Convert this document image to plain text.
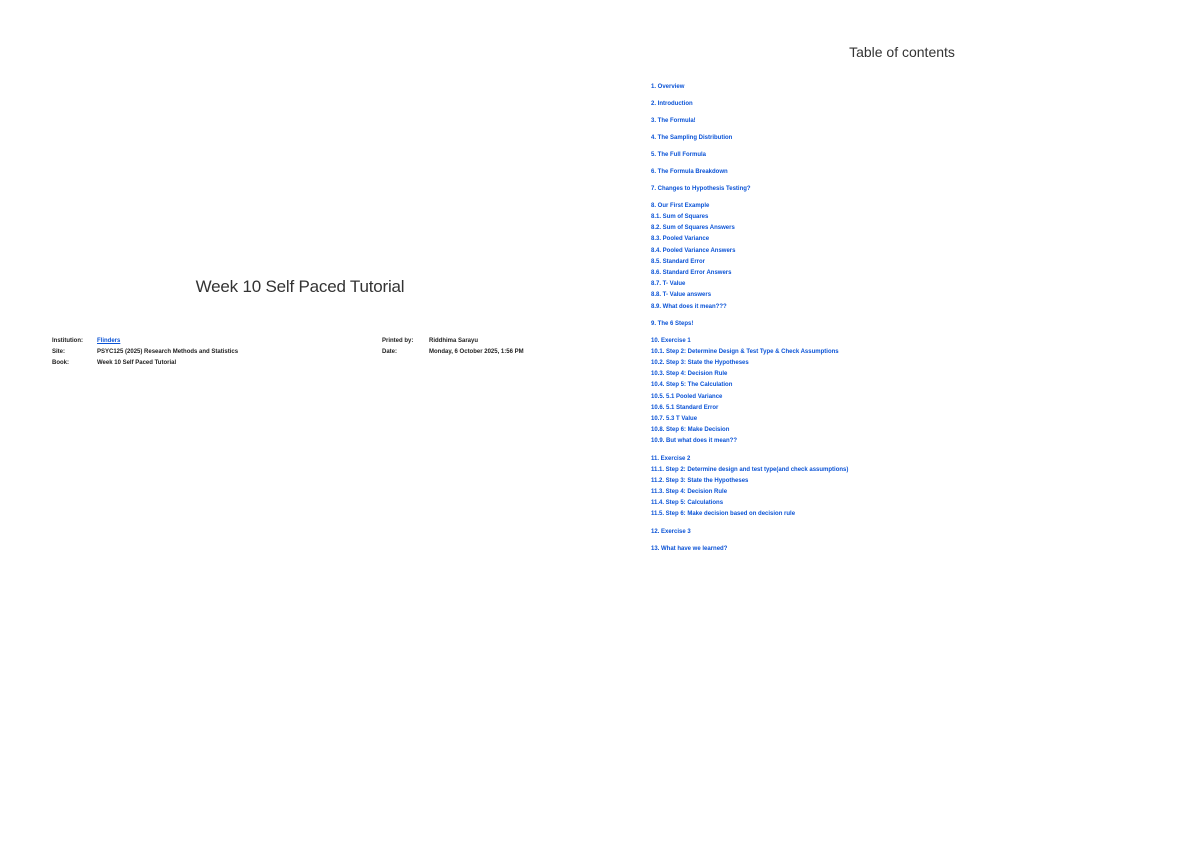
Week 10 Self Paced Tutorial
Institution:	Flinders	Printed by:	Riddhima Sarayu
Site:	PSYC125 (2025) Research Methods and Statistics	Date:	Monday, 6 October 2025, 1:56 PM
Book:	Week 10 Self Paced Tutorial
Table of contents
1. Overview
2. Introduction
3. The Formula!
4. The Sampling Distribution
5. The Full Formula
6. The Formula Breakdown
7. Changes to Hypothesis Testing?
8. Our First Example
8.1. Sum of Squares
8.2. Sum of Squares Answers
8.3. Pooled Variance
8.4. Pooled Variance Answers
8.5. Standard Error
8.6. Standard Error Answers
8.7. T- Value
8.8. T- Value answers
8.9. What does it mean???
9. The 6 Steps!
10. Exercise 1
10.1. Step 2: Determine Design & Test Type & Check Assumptions
10.2. Step 3: State the Hypotheses
10.3. Step 4: Decision Rule
10.4. Step 5: The Calculation
10.5. 5.1 Pooled Variance
10.6. 5.1 Standard Error
10.7. 5.3 T Value
10.8. Step 6: Make Decision
10.9. But what does it mean??
11. Exercise 2
11.1. Step 2: Determine design and test type(and check assumptions)
11.2. Step 3: State the Hypotheses
11.3. Step 4: Decision Rule
11.4. Step 5: Calculations
11.5. Step 6: Make decision based on decision rule
12. Exercise 3
13. What have we learned?
